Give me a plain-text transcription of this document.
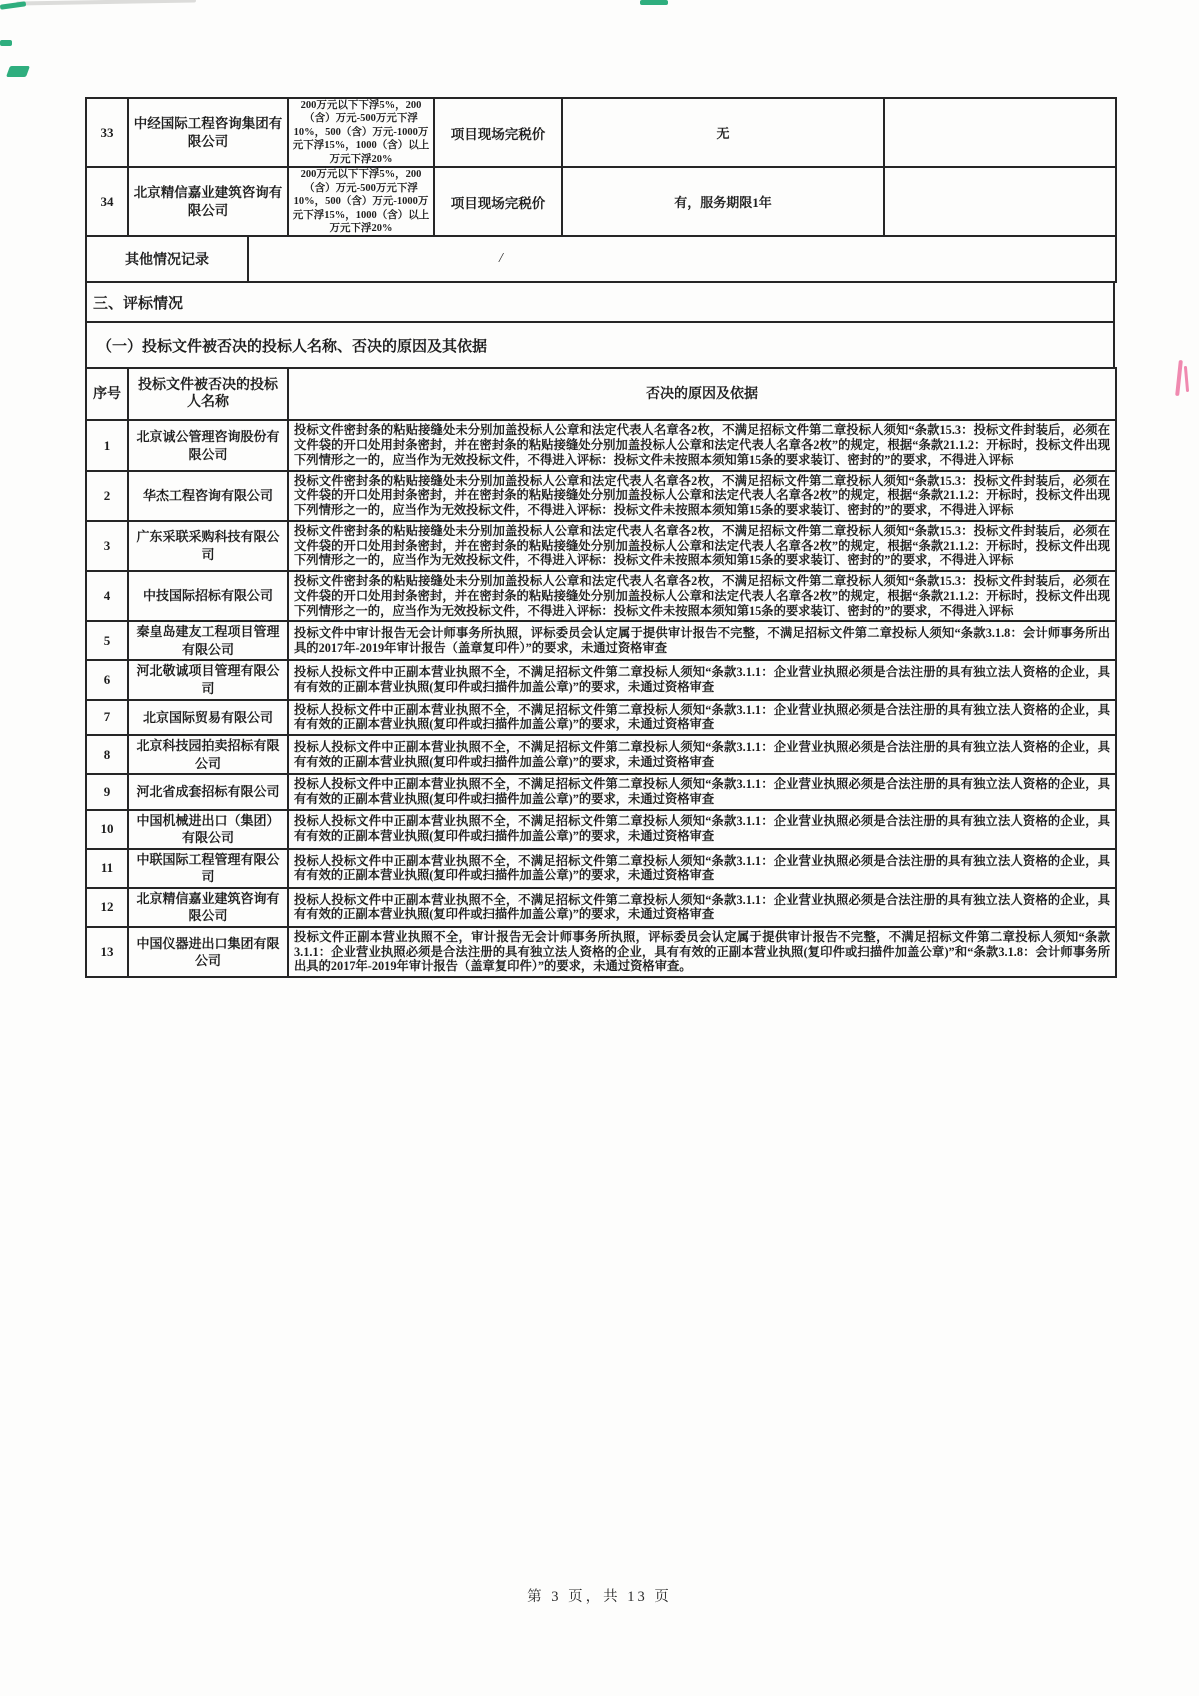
33	中经国际工程咨询集团有限公司	200万元以下下浮5%，200（含）万元-500万元下浮10%，500（含）万元-1000万元下浮15%，1000（含）以上万元下浮20%	项目现场完税价	无	
34	北京精信嘉业建筑咨询有限公司	200万元以下下浮5%，200（含）万元-500万元下浮10%，500（含）万元-1000万元下浮15%，1000（含）以上万元下浮20%	项目现场完税价	有，服务期限1年	
其他情况记录	/
三、评标情况
（一）投标文件被否决的投标人名称、否决的原因及其依据
序号	投标文件被否决的投标人名称	否决的原因及依据
1	北京诚公管理咨询股份有限公司	投标文件密封条的粘贴接缝处未分别加盖投标人公章和法定代表人名章各2枚，不满足招标文件第二章投标人须知“条款15.3：投标文件封装后，必须在文件袋的开口处用封条密封，并在密封条的粘贴接缝处分别加盖投标人公章和法定代表人名章各2枚”的规定，根据“条款21.1.2：开标时，投标文件出现下列情形之一的，应当作为无效投标文件，不得进入评标：投标文件未按照本须知第15条的要求装订、密封的”的要求，不得进入评标
2	华杰工程咨询有限公司	投标文件密封条的粘贴接缝处未分别加盖投标人公章和法定代表人名章各2枚，不满足招标文件第二章投标人须知“条款15.3：投标文件封装后，必须在文件袋的开口处用封条密封，并在密封条的粘贴接缝处分别加盖投标人公章和法定代表人名章各2枚”的规定，根据“条款21.1.2：开标时，投标文件出现下列情形之一的，应当作为无效投标文件，不得进入评标：投标文件未按照本须知第15条的要求装订、密封的”的要求，不得进入评标
3	广东采联采购科技有限公司	投标文件密封条的粘贴接缝处未分别加盖投标人公章和法定代表人名章各2枚，不满足招标文件第二章投标人须知“条款15.3：投标文件封装后，必须在文件袋的开口处用封条密封，并在密封条的粘贴接缝处分别加盖投标人公章和法定代表人名章各2枚”的规定，根据“条款21.1.2：开标时，投标文件出现下列情形之一的，应当作为无效投标文件，不得进入评标：投标文件未按照本须知第15条的要求装订、密封的”的要求，不得进入评标
4	中技国际招标有限公司	投标文件密封条的粘贴接缝处未分别加盖投标人公章和法定代表人名章各2枚，不满足招标文件第二章投标人须知“条款15.3：投标文件封装后，必须在文件袋的开口处用封条密封，并在密封条的粘贴接缝处分别加盖投标人公章和法定代表人名章各2枚”的规定，根据“条款21.1.2：开标时，投标文件出现下列情形之一的，应当作为无效投标文件，不得进入评标：投标文件未按照本须知第15条的要求装订、密封的”的要求，不得进入评标
5	秦皇岛建友工程项目管理有限公司	投标文件中审计报告无会计师事务所执照，评标委员会认定属于提供审计报告不完整，不满足招标文件第二章投标人须知“条款3.1.8：会计师事务所出具的2017年-2019年审计报告（盖章复印件）”的要求，未通过资格审查
6	河北敬诚项目管理有限公司	投标人投标文件中正副本营业执照不全，不满足招标文件第二章投标人须知“条款3.1.1：企业营业执照必须是合法注册的具有独立法人资格的企业，具有有效的正副本营业执照(复印件或扫描件加盖公章)”的要求，未通过资格审查
7	北京国际贸易有限公司	投标人投标文件中正副本营业执照不全，不满足招标文件第二章投标人须知“条款3.1.1：企业营业执照必须是合法注册的具有独立法人资格的企业，具有有效的正副本营业执照(复印件或扫描件加盖公章)”的要求，未通过资格审查
8	北京科技园拍卖招标有限公司	投标人投标文件中正副本营业执照不全，不满足招标文件第二章投标人须知“条款3.1.1：企业营业执照必须是合法注册的具有独立法人资格的企业，具有有效的正副本营业执照(复印件或扫描件加盖公章)”的要求，未通过资格审查
9	河北省成套招标有限公司	投标人投标文件中正副本营业执照不全，不满足招标文件第二章投标人须知“条款3.1.1：企业营业执照必须是合法注册的具有独立法人资格的企业，具有有效的正副本营业执照(复印件或扫描件加盖公章)”的要求，未通过资格审查
10	中国机械进出口（集团）有限公司	投标人投标文件中正副本营业执照不全，不满足招标文件第二章投标人须知“条款3.1.1：企业营业执照必须是合法注册的具有独立法人资格的企业，具有有效的正副本营业执照(复印件或扫描件加盖公章)”的要求，未通过资格审查
11	中联国际工程管理有限公司	投标人投标文件中正副本营业执照不全，不满足招标文件第二章投标人须知“条款3.1.1：企业营业执照必须是合法注册的具有独立法人资格的企业，具有有效的正副本营业执照(复印件或扫描件加盖公章)”的要求，未通过资格审查
12	北京精信嘉业建筑咨询有限公司	投标人投标文件中正副本营业执照不全，不满足招标文件第二章投标人须知“条款3.1.1：企业营业执照必须是合法注册的具有独立法人资格的企业，具有有效的正副本营业执照(复印件或扫描件加盖公章)”的要求，未通过资格审查
13	中国仪器进出口集团有限公司	投标文件正副本营业执照不全，审计报告无会计师事务所执照，评标委员会认定属于提供审计报告不完整，不满足招标文件第二章投标人须知“条款3.1.1：企业营业执照必须是合法注册的具有独立法人资格的企业，具有有效的正副本营业执照(复印件或扫描件加盖公章)”和“条款3.1.8：会计师事务所出具的2017年-2019年审计报告（盖章复印件）”的要求，未通过资格审查。
第 3 页，共 13 页
